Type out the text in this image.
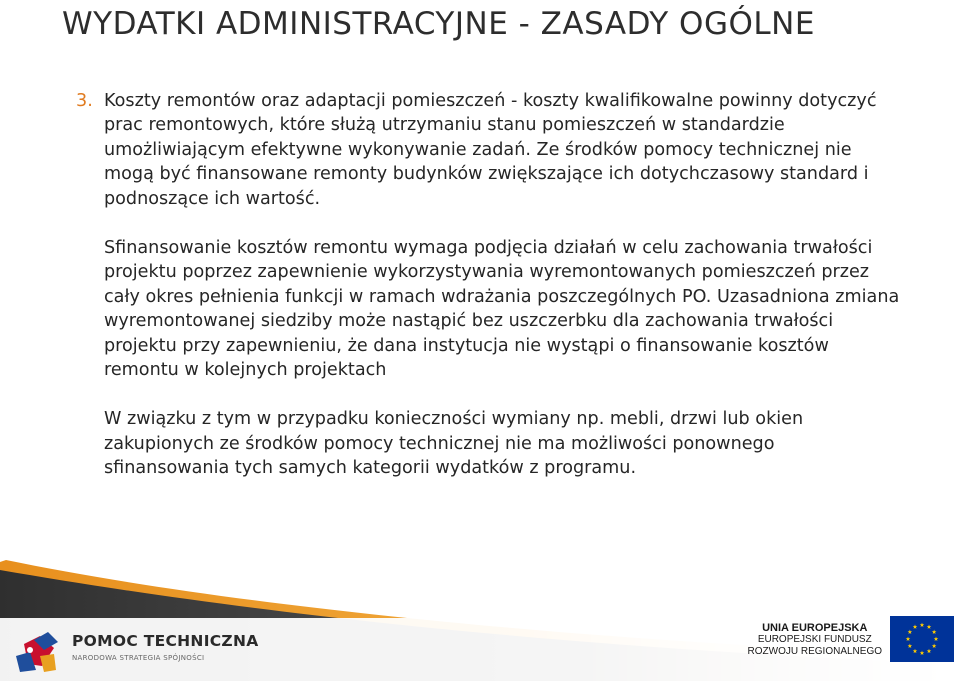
WYDATKI ADMINISTRACYJNE - ZASADY OGÓLNE

3. Koszty remontów oraz adaptacji pomieszczeń - koszty kwalifikowalne powinny dotyczyć prac remontowych, które służą utrzymaniu stanu pomieszczeń w standardzie umożliwiającym efektywne wykonywanie zadań. Ze środków pomocy technicznej nie mogą być finansowane remonty budynków zwiększające ich dotychczasowy standard i podnoszące ich wartość.

Sfinansowanie kosztów remontu wymaga podjęcia działań w celu zachowania trwałości projektu poprzez zapewnienie wykorzystywania wyremontowanych pomieszczeń przez cały okres pełnienia funkcji w ramach wdrażania poszczególnych PO. Uzasadniona zmiana wyremontowanej siedziby może nastąpić bez uszczerbku dla zachowania trwałości projektu przy zapewnieniu, że dana instytucja nie wystąpi o finansowanie kosztów remontu w kolejnych projektach

W związku z tym w przypadku konieczności wymiany np. mebli, drzwi lub okien zakupionych ze środków pomocy technicznej nie ma możliwości ponownego sfinansowania tych samych kategorii wydatków z programu.

POMOC TECHNICZNA
NARODOWA STRATEGIA SPÓJNOŚCI
UNIA EUROPEJSKA
EUROPEJSKI FUNDUSZ
ROZWOJU REGIONALNEGO
